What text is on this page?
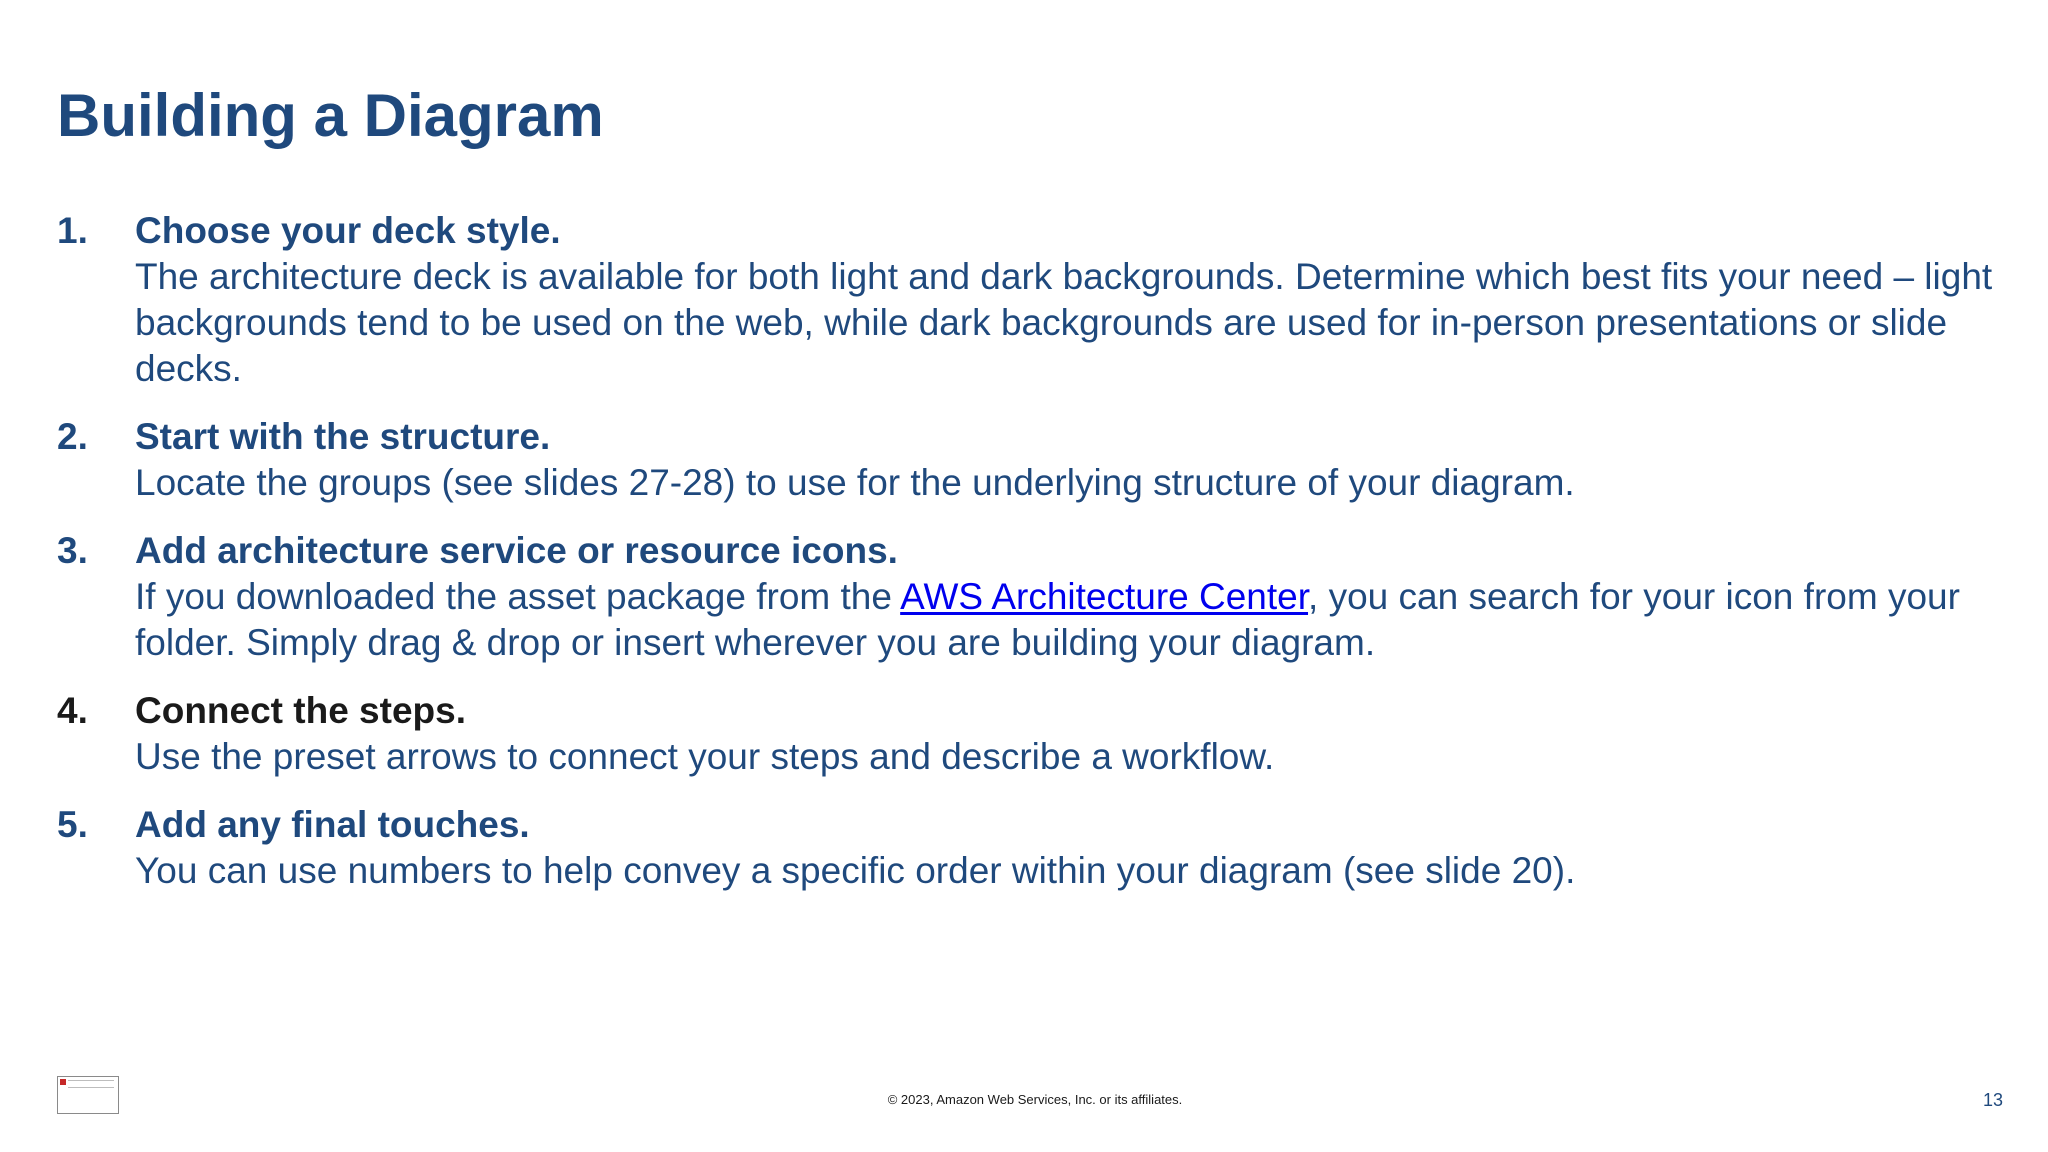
Building a Diagram
1. Choose your deck style.
The architecture deck is available for both light and dark backgrounds. Determine which best fits your need – light backgrounds tend to be used on the web, while dark backgrounds are used for in-person presentations or slide decks.
2. Start with the structure.
Locate the groups (see slides 27-28) to use for the underlying structure of your diagram.
3. Add architecture service or resource icons.
If you downloaded the asset package from the AWS Architecture Center, you can search for your icon from your folder. Simply drag & drop or insert wherever you are building your diagram.
4. Connect the steps.
Use the preset arrows to connect your steps and describe a workflow.
5. Add any final touches.
You can use numbers to help convey a specific order within your diagram (see slide 20).
© 2023, Amazon Web Services, Inc. or its affiliates.	13
